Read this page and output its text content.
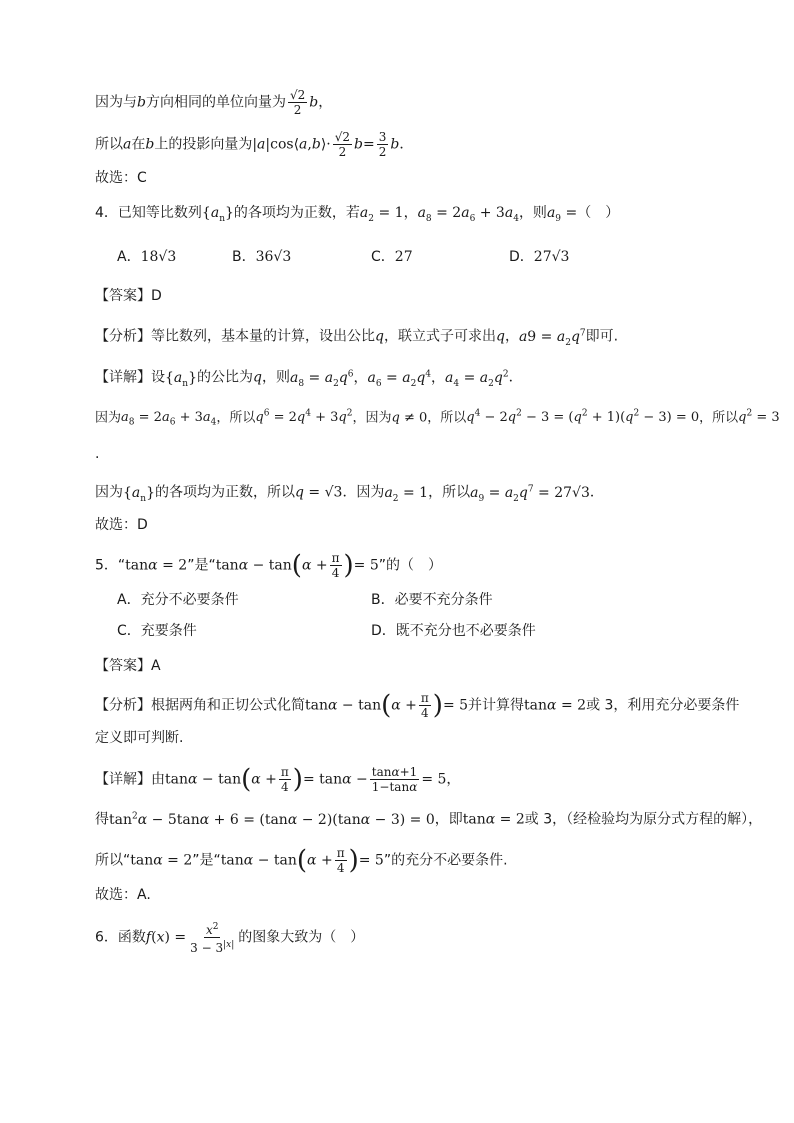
因为与b方向相同的单位向量为 $\frac{√2}{2}$ b，
所以a在b上的投影向量为|a|cos⟨a,b⟩· $\frac{√2}{2} b= \frac{3}{2}$ b．
故选：C
4．已知等比数列$\{a_n\}$的各项均为正数，若$a_2 = 1$，$a_8 = 2a_6 + 3a_4$，则$a_9$ =（　）
A．18√3	B．36√3	C．27	D．27√3
【答案】D
【分析】等比数列，基本量的计算，设出公比q，联立式子可求出q，$a9 = a_2q^7$即可.
【详解】设$\{a_n\}$的公比为q，则$a_8 = a_2q^6$，$a_6 = a_2q^4$，$a_4 = a_2q^2$．
因为$a_8 = 2a_6 + 3a_4$，所以$q^6 = 2q^4 + 3q^2$，因为q ≠ 0，所以$q^4 - 2q^2 - 3 = (q^2 + 1)(q^2 - 3) = 0$，所以$q^2 = 3$
.
因为$\{a_n\}$的各项均为正数，所以q = √3．因为$a_2 = 1$，所以$a_9 = a_2q^7 = 27√3$．
故选：D
5．“tanα = 2”是“$\tan\alpha - \tan(\alpha + \frac{\pi}{4}$ )= 5”的（　）
A．充分不必要条件	B．必要不充分条件
C．充要条件	D．既不充分也不必要条件
【答案】A
【分析】根据两角和正切公式化简$\tan\alpha - \tan(\alpha + \frac{\pi}{4}$ )= 5并计算得tanα = 2或 3，利用充分必要条件
定义即可判断.
【详解】由$\tan\alpha - \tan(\alpha + \frac{\pi}{4}$ )= $\tan\alpha - \frac{\tan\alpha+1}{1-\tan\alpha} = 5$，
得$\tan^2\alpha - 5\tan\alpha + 6 = (\tan\alpha - 2)(\tan\alpha - 3) = 0$，即tanα = 2或 3，（经检验均为原分式方程的解），
所以“tanα = 2”是“$\tan\alpha - \tan(\alpha + \frac{\pi}{4}$ )= 5”的充分不必要条件.
故选：A.
6．函数$f(x) = \frac{x^2}{3 - 3^{|x|}}$ 的图象大致为（　）
